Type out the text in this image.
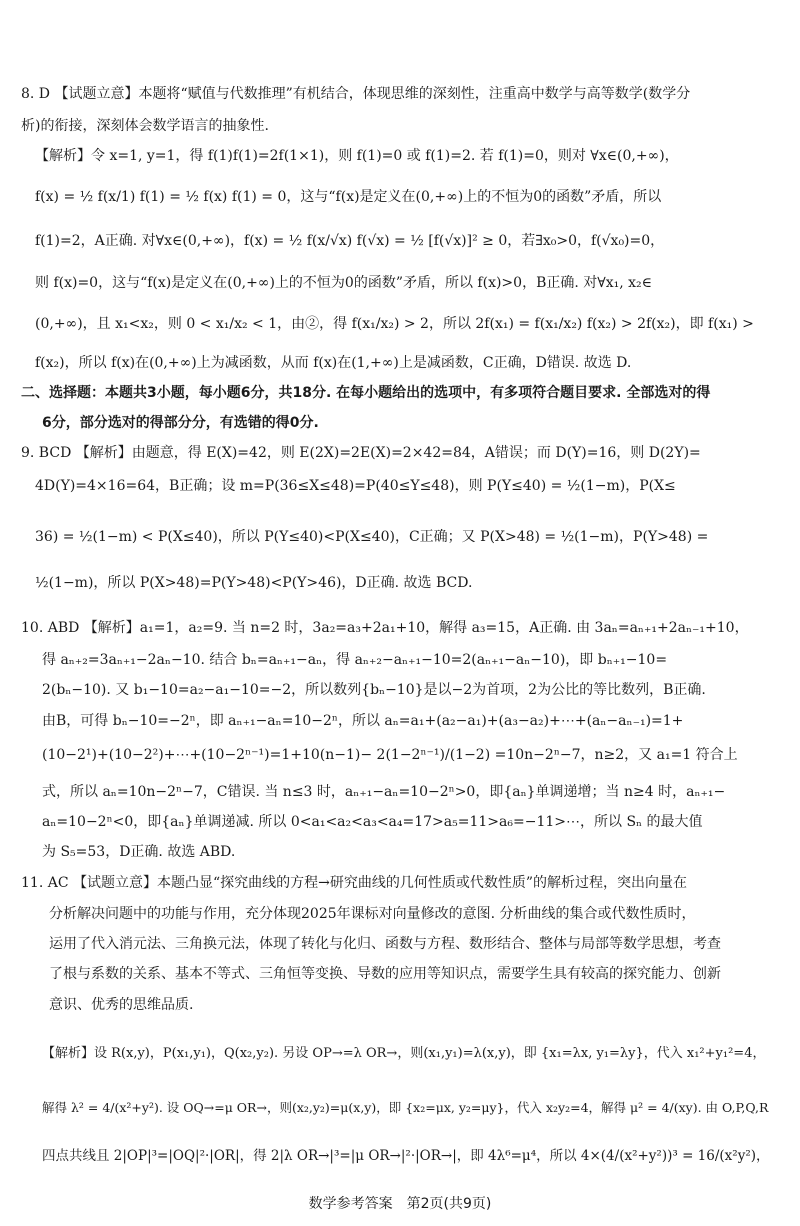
8. D 【试题立意】本题将“赋值与代数推理”有机结合，体现思维的深刻性，注重高中数学与高等数学(数学分
析)的衔接，深刻体会数学语言的抽象性.
【解析】令 x=1, y=1，得 f(1)f(1)=2f(1×1)，则 f(1)=0 或 f(1)=2. 若 f(1)=0，则对 ∀x∈(0,+∞)，
f(x) = ½ f(x/1) f(1) = ½ f(x) f(1) = 0，这与“f(x)是定义在(0,+∞)上的不恒为0的函数”矛盾，所以
f(1)=2，A正确. 对∀x∈(0,+∞)，f(x) = ½ f(x/√x) f(√x) = ½ [f(√x)]² ≥ 0，若∃x₀>0，f(√x₀)=0，
则 f(x)=0，这与“f(x)是定义在(0,+∞)上的不恒为0的函数”矛盾，所以 f(x)>0，B正确. 对∀x₁, x₂∈
(0,+∞)，且 x₁<x₂，则 0 < x₁/x₂ < 1，由②，得 f(x₁/x₂) > 2，所以 2f(x₁) = f(x₁/x₂) f(x₂) > 2f(x₂)，即 f(x₁) >
f(x₂)，所以 f(x)在(0,+∞)上为减函数，从而 f(x)在(1,+∞)上是减函数，C正确，D错误. 故选 D.
二、选择题：本题共3小题，每小题6分，共18分. 在每小题给出的选项中，有多项符合题目要求. 全部选对的得
6分，部分选对的得部分分，有选错的得0分.
9. BCD 【解析】由题意，得 E(X)=42，则 E(2X)=2E(X)=2×42=84，A错误；而 D(Y)=16，则 D(2Y)=
4D(Y)=4×16=64，B正确；设 m=P(36≤X≤48)=P(40≤Y≤48)，则 P(Y≤40) = ½(1−m)，P(X≤
36) = ½(1−m) < P(X≤40)，所以 P(Y≤40)<P(X≤40)，C正确；又 P(X>48) = ½(1−m)，P(Y>48) =
½(1−m)，所以 P(X>48)=P(Y>48)<P(Y>46)，D正确. 故选 BCD.
10. ABD 【解析】a₁=1，a₂=9. 当 n=2 时，3a₂=a₃+2a₁+10，解得 a₃=15，A正确. 由 3aₙ=aₙ₊₁+2aₙ₋₁+10，
得 aₙ₊₂=3aₙ₊₁−2aₙ−10. 结合 bₙ=aₙ₊₁−aₙ，得 aₙ₊₂−aₙ₊₁−10=2(aₙ₊₁−aₙ−10)，即 bₙ₊₁−10=
2(bₙ−10). 又 b₁−10=a₂−a₁−10=−2，所以数列{bₙ−10}是以−2为首项，2为公比的等比数列，B正确.
由B，可得 bₙ−10=−2ⁿ，即 aₙ₊₁−aₙ=10−2ⁿ，所以 aₙ=a₁+(a₂−a₁)+(a₃−a₂)+⋯+(aₙ−aₙ₋₁)=1+
(10−2¹)+(10−2²)+⋯+(10−2ⁿ⁻¹)=1+10(n−1)− 2(1−2ⁿ⁻¹)/(1−2) =10n−2ⁿ−7，n≥2，又 a₁=1 符合上
式，所以 aₙ=10n−2ⁿ−7，C错误. 当 n≤3 时，aₙ₊₁−aₙ=10−2ⁿ>0，即{aₙ}单调递增；当 n≥4 时，aₙ₊₁−
aₙ=10−2ⁿ<0，即{aₙ}单调递减. 所以 0<a₁<a₂<a₃<a₄=17>a₅=11>a₆=−11>⋯，所以 Sₙ 的最大值
为 S₅=53，D正确. 故选 ABD.
11. AC 【试题立意】本题凸显“探究曲线的方程→研究曲线的几何性质或代数性质”的解析过程，突出向量在
分析解决问题中的功能与作用，充分体现2025年课标对向量修改的意图. 分析曲线的集合或代数性质时，
运用了代入消元法、三角换元法，体现了转化与化归、函数与方程、数形结合、整体与局部等数学思想，考查
了根与系数的关系、基本不等式、三角恒等变换、导数的应用等知识点，需要学生具有较高的探究能力、创新
意识、优秀的思维品质.
【解析】设 R(x,y)，P(x₁,y₁)，Q(x₂,y₂). 另设 OP→=λ OR→，则(x₁,y₁)=λ(x,y)，即 {x₁=λx, y₁=λy}，代入 x₁²+y₁²=4，
解得 λ² = 4/(x²+y²). 设 OQ→=μ OR→，则(x₂,y₂)=μ(x,y)，即 {x₂=μx, y₂=μy}，代入 x₂y₂=4，解得 μ² = 4/(xy). 由 O,P,Q,R
四点共线且 2|OP|³=|OQ|²·|OR|，得 2|λ OR→|³=|μ OR→|²·|OR→|，即 4λ⁶=μ⁴，所以 4×(4/(x²+y²))³ = 16/(x²y²)，
数学参考答案　第2页(共9页)
